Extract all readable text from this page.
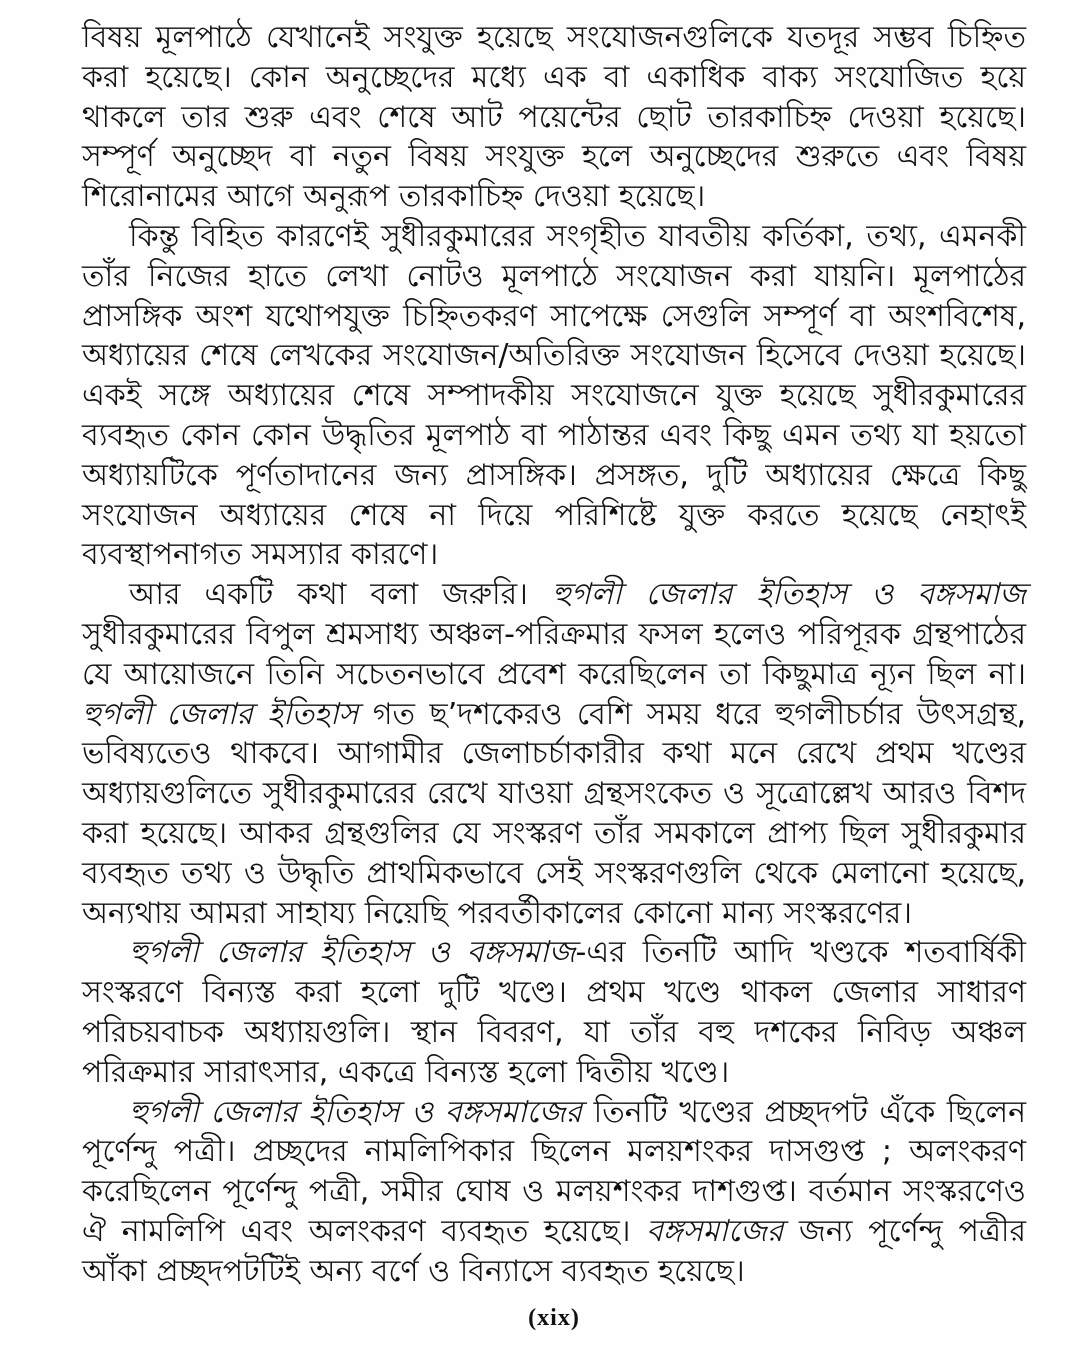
বিষয় মূলপাঠে যেখানেই সংযুক্ত হয়েছে সংযোজনগুলিকে যতদূর সম্ভব চিহ্নিত
করা হয়েছে। কোন অনুচ্ছেদের মধ্যে এক বা একাধিক বাক্য সংযোজিত হয়ে
থাকলে তার শুরু এবং শেষে আট পয়েন্টের ছোট তারকাচিহ্ন দেওয়া হয়েছে।
সম্পূর্ণ অনুচ্ছেদ বা নতুন বিষয় সংযুক্ত হলে অনুচ্ছেদের শুরুতে এবং বিষয়
শিরোনামের আগে অনুরূপ তারকাচিহ্ন দেওয়া হয়েছে।
কিন্তু বিহিত কারণেই সুধীরকুমারের সংগৃহীত যাবতীয় কর্তিকা, তথ্য, এমনকী
তাঁর নিজের হাতে লেখা নোটও মূলপাঠে সংযোজন করা যায়নি। মূলপাঠের
প্রাসঙ্গিক অংশ যথোপযুক্ত চিহ্নিতকরণ সাপেক্ষে সেগুলি সম্পূর্ণ বা অংশবিশেষ,
অধ্যায়ের শেষে লেখকের সংযোজন/অতিরিক্ত সংযোজন হিসেবে দেওয়া হয়েছে।
একই সঙ্গে অধ্যায়ের শেষে সম্পাদকীয় সংযোজনে যুক্ত হয়েছে সুধীরকুমারের
ব্যবহৃত কোন কোন উদ্ধৃতির মূলপাঠ বা পাঠান্তর এবং কিছু এমন তথ্য যা হয়তো
অধ্যায়টিকে পূর্ণতাদানের জন্য প্রাসঙ্গিক। প্রসঙ্গত, দুটি অধ্যায়ের ক্ষেত্রে কিছু
সংযোজন অধ্যায়ের শেষে না দিয়ে পরিশিষ্টে যুক্ত করতে হয়েছে নেহাৎই
ব্যবস্থাপনাগত সমস্যার কারণে।
আর একটি কথা বলা জরুরি। হুগলী জেলার ইতিহাস ও বঙ্গসমাজ
সুধীরকুমারের বিপুল শ্রমসাধ্য অঞ্চল-পরিক্রমার ফসল হলেও পরিপূরক গ্রন্থপাঠের
যে আয়োজনে তিনি সচেতনভাবে প্রবেশ করেছিলেন তা কিছুমাত্র ন্যূন ছিল না।
হুগলী জেলার ইতিহাস গত ছ’দশকেরও বেশি সময় ধরে হুগলীচর্চার উৎসগ্রন্থ,
ভবিষ্যতেও থাকবে। আগামীর জেলাচর্চাকারীর কথা মনে রেখে প্রথম খণ্ডের
অধ্যায়গুলিতে সুধীরকুমারের রেখে যাওয়া গ্রন্থসংকেত ও সূত্রোল্লেখ আরও বিশদ
করা হয়েছে। আকর গ্রন্থগুলির যে সংস্করণ তাঁর সমকালে প্রাপ্য ছিল সুধীরকুমার
ব্যবহৃত তথ্য ও উদ্ধৃতি প্রাথমিকভাবে সেই সংস্করণগুলি থেকে মেলানো হয়েছে,
অন্যথায় আমরা সাহায্য নিয়েছি পরবর্তীকালের কোনো মান্য সংস্করণের।
হুগলী জেলার ইতিহাস ও বঙ্গসমাজ-এর তিনটি আদি খণ্ডকে শতবার্ষিকী
সংস্করণে বিন্যস্ত করা হলো দুটি খণ্ডে। প্রথম খণ্ডে থাকল জেলার সাধারণ
পরিচয়বাচক অধ্যায়গুলি। স্থান বিবরণ, যা তাঁর বহু দশকের নিবিড় অঞ্চল
পরিক্রমার সারাৎসার, একত্রে বিন্যস্ত হলো দ্বিতীয় খণ্ডে।
হুগলী জেলার ইতিহাস ও বঙ্গসমাজের তিনটি খণ্ডের প্রচ্ছদপট এঁকে ছিলেন
পূর্ণেন্দু পত্রী। প্রচ্ছদের নামলিপিকার ছিলেন মলয়শংকর দাসগুপ্ত ; অলংকরণ
করেছিলেন পূর্ণেন্দু পত্রী, সমীর ঘোষ ও মলয়শংকর দাশগুপ্ত। বর্তমান সংস্করণেও
ঐ নামলিপি এবং অলংকরণ ব্যবহৃত হয়েছে। বঙ্গসমাজের জন্য পূর্ণেন্দু পত্রীর
আঁকা প্রচ্ছদপটটিই অন্য বর্ণে ও বিন্যাসে ব্যবহৃত হয়েছে।
(xix)
